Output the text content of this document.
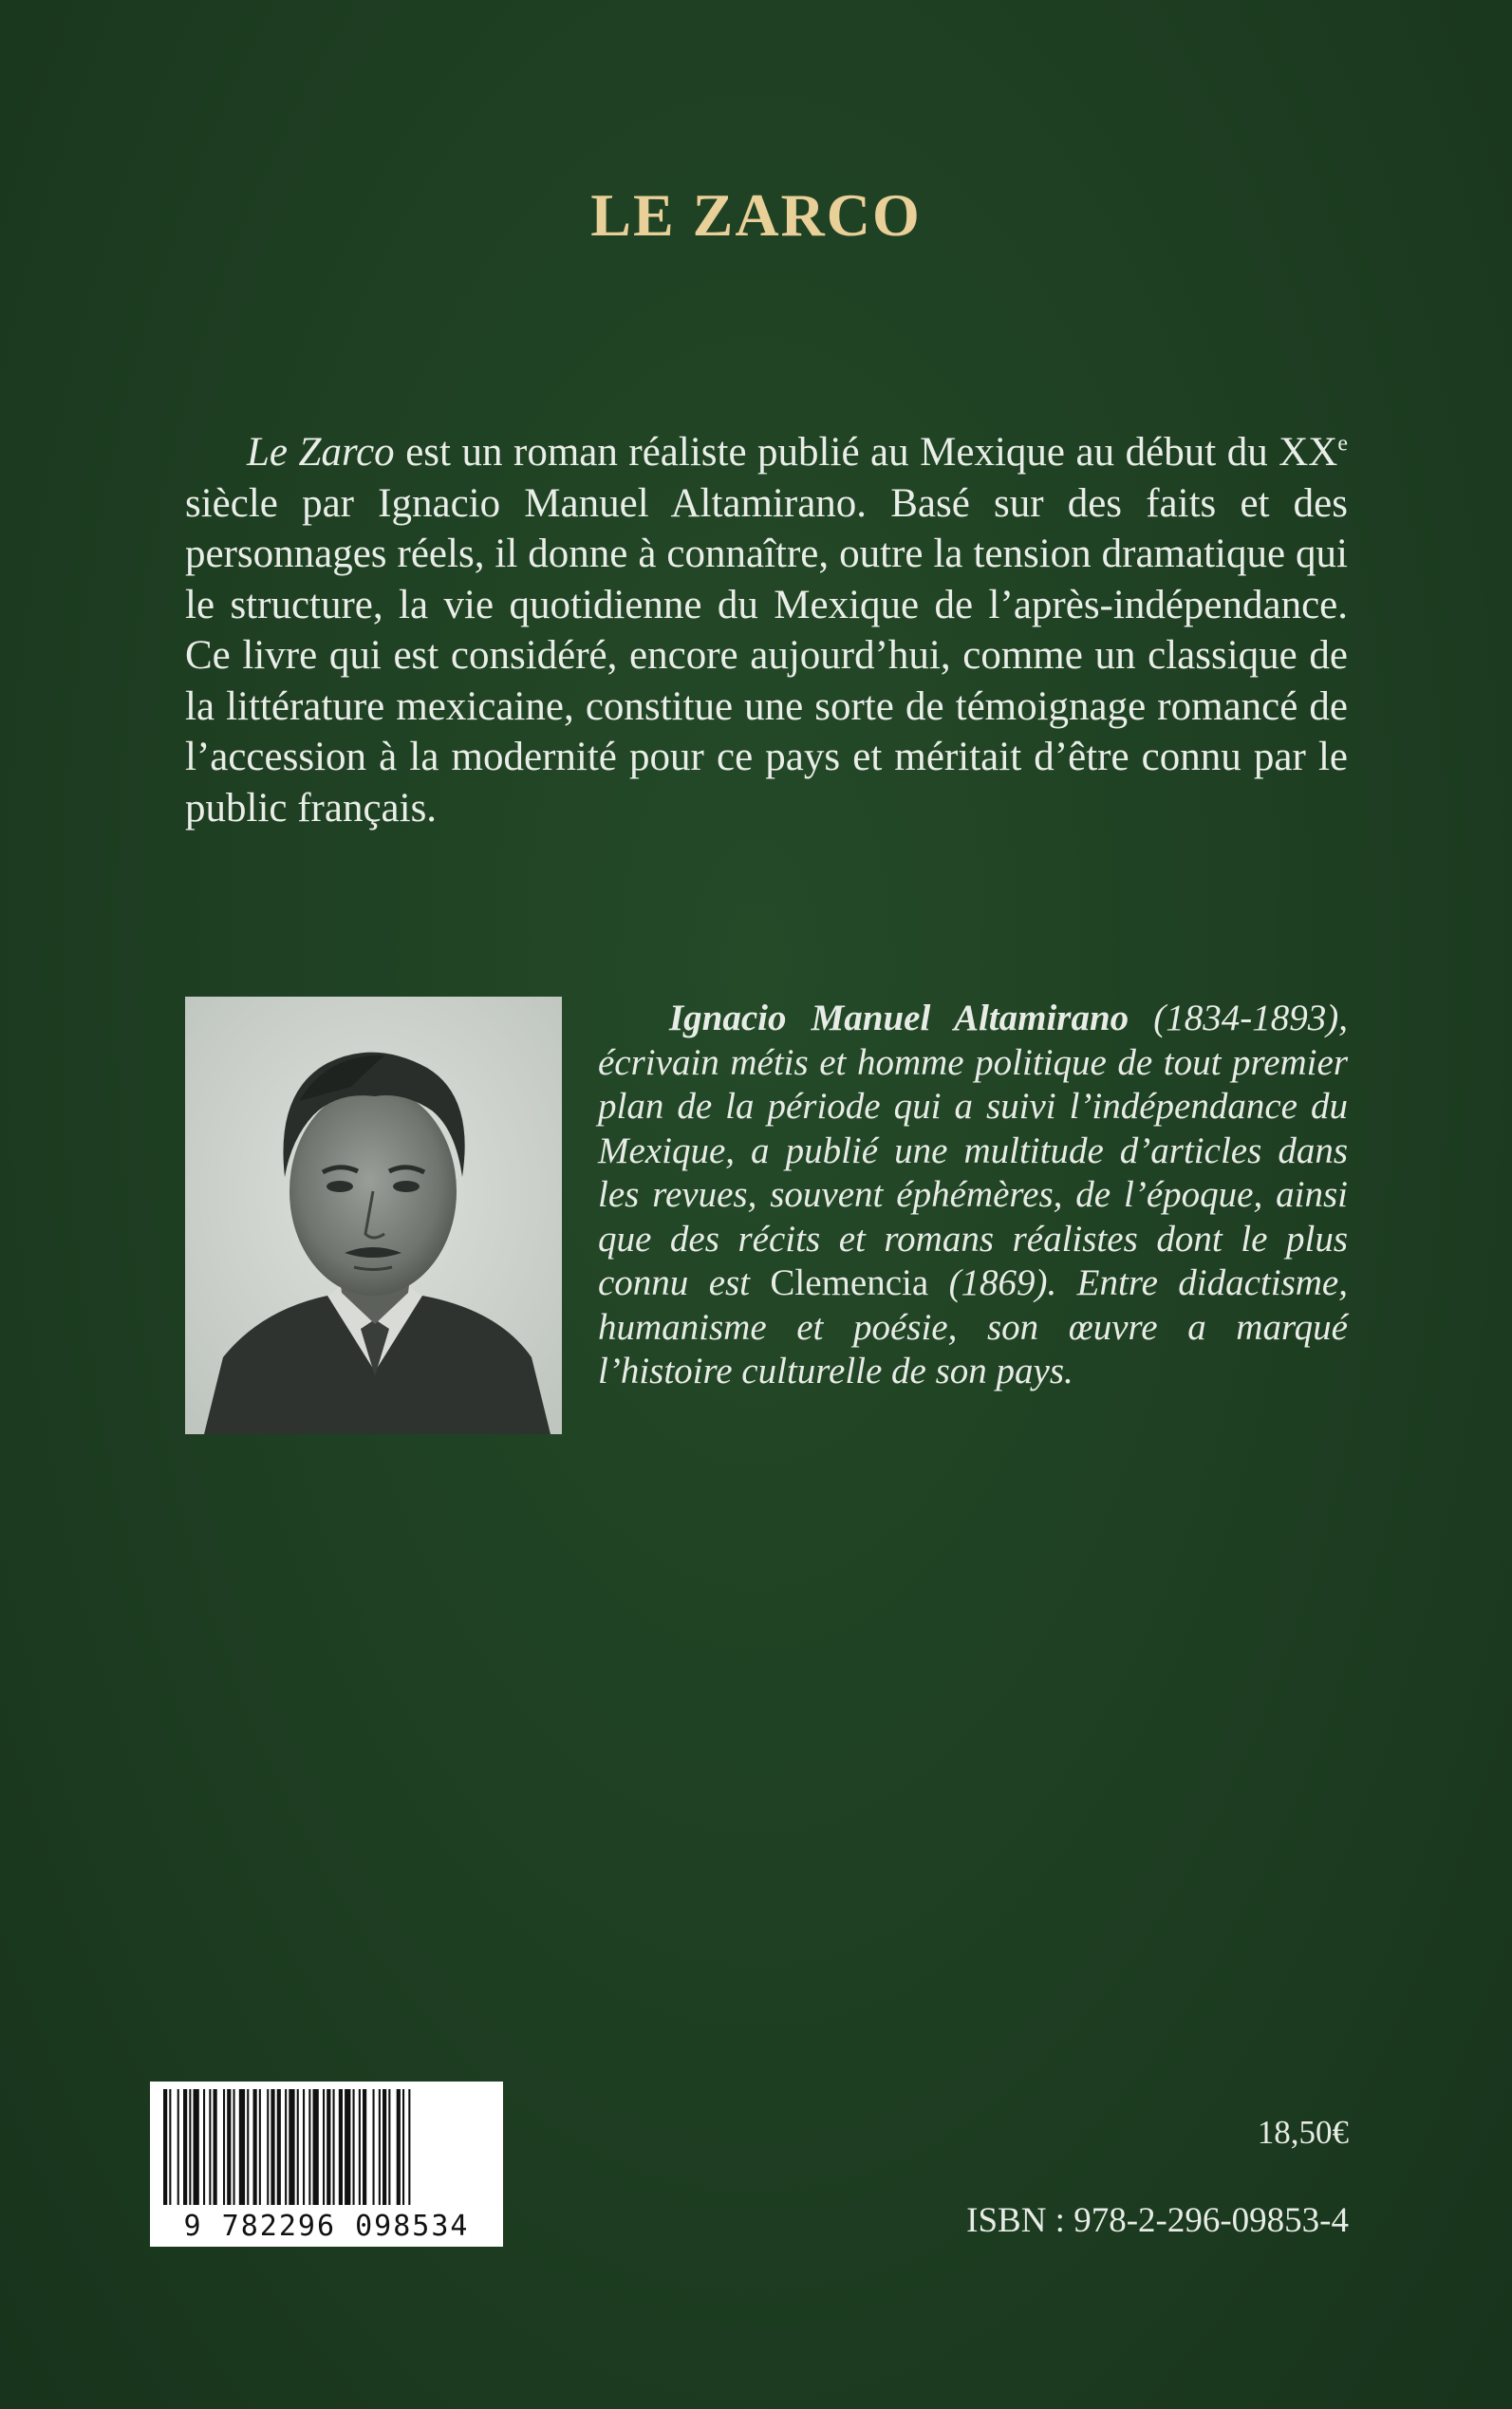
LE ZARCO

Le Zarco est un roman réaliste publié au Mexique au début du XXe siècle par Ignacio Manuel Altamirano. Basé sur des faits et des personnages réels, il donne à connaître, outre la tension dramatique qui le structure, la vie quotidienne du Mexique de l’après-indépendance. Ce livre qui est considéré, encore aujourd’hui, comme un classique de la littérature mexicaine, constitue une sorte de témoignage romancé de l’accession à la modernité pour ce pays et méritait d’être connu par le public français.

Ignacio Manuel Altamirano (1834-1893), écrivain métis et homme politique de tout premier plan de la période qui a suivi l’indépendance du Mexique, a publié une multitude d’articles dans les revues, souvent éphémères, de l’époque, ainsi que des récits et romans réalistes dont le plus connu est Clemencia (1869). Entre didactisme, humanisme et poésie, son œuvre a marqué l’histoire culturelle de son pays.

9 782296 098534
18,50€
ISBN : 978-2-296-09853-4
